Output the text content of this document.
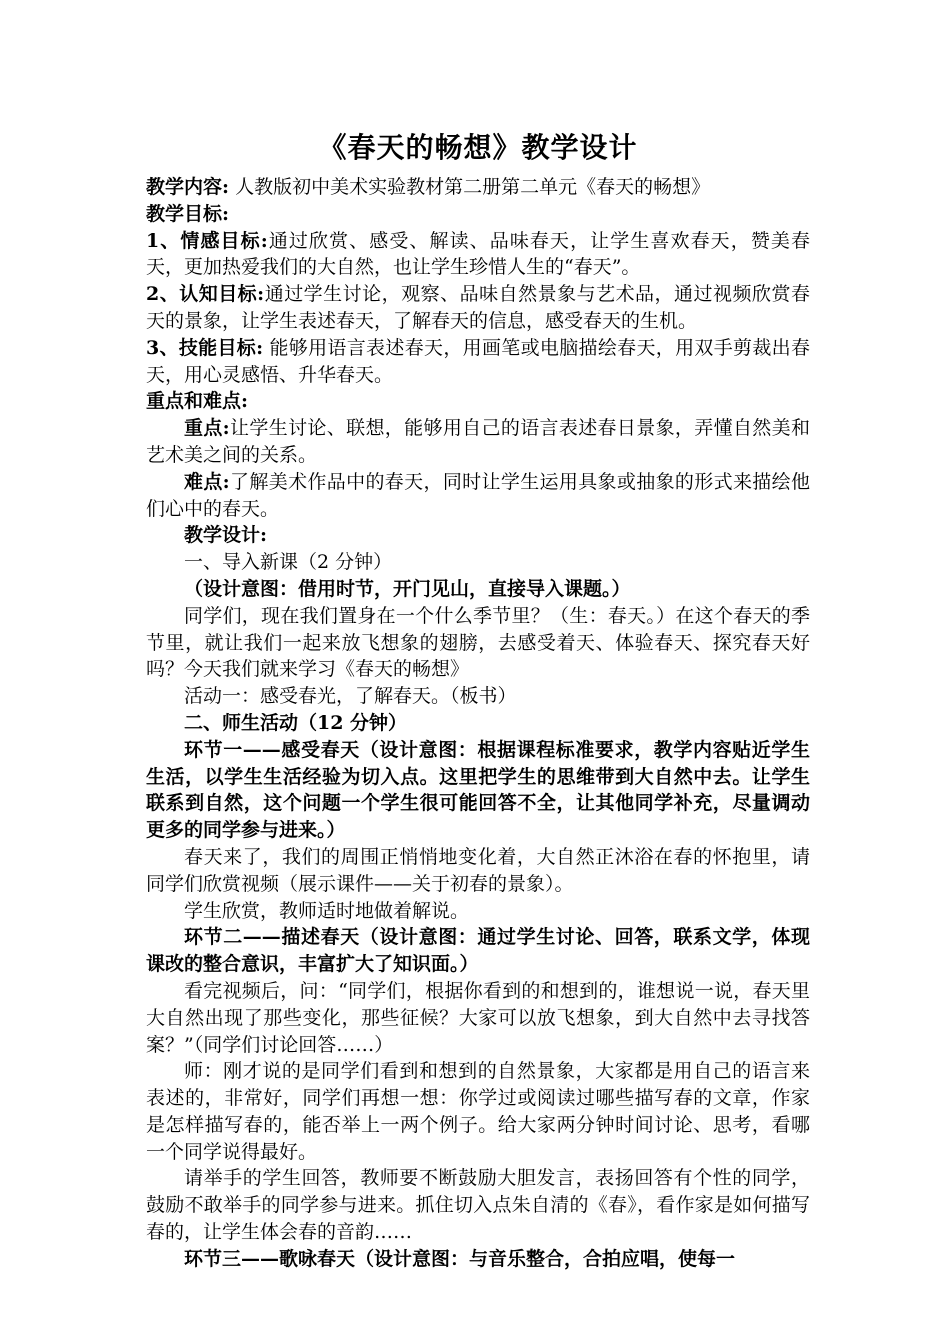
《春天的畅想》教学设计

教学内容: 人教版初中美术实验教材第二册第二单元《春天的畅想》

教学目标:

1、情感目标:通过欣赏、感受、解读、品味春天，让学生喜欢春天，赞美春天，更加热爱我们的大自然，也让学生珍惜人生的“春天”。

2、认知目标:通过学生讨论，观察、品味自然景象与艺术品，通过视频欣赏春天的景象，让学生表述春天，了解春天的信息，感受春天的生机。

3、技能目标: 能够用语言表述春天，用画笔或电脑描绘春天，用双手剪裁出春天，用心灵感悟、升华春天。

重点和难点:

重点:让学生讨论、联想，能够用自己的语言表述春日景象，弄懂自然美和艺术美之间的关系。

难点:了解美术作品中的春天，同时让学生运用具象或抽象的形式来描绘他们心中的春天。

教学设计:

一、导入新课（2 分钟）

（设计意图：借用时节，开门见山，直接导入课题。）

同学们，现在我们置身在一个什么季节里？（生：春天。）在这个春天的季节里，就让我们一起来放飞想象的翅膀，去感受着天、体验春天、探究春天好吗？今天我们就来学习《春天的畅想》

活动一：感受春光，了解春天。（板书）

二、师生活动（12 分钟）

环节一——感受春天（设计意图：根据课程标准要求，教学内容贴近学生生活，以学生生活经验为切入点。这里把学生的思维带到大自然中去。让学生联系到自然，这个问题一个学生很可能回答不全，让其他同学补充，尽量调动更多的同学参与进来。）

春天来了，我们的周围正悄悄地变化着，大自然正沐浴在春的怀抱里，请同学们欣赏视频（展示课件——关于初春的景象）。

学生欣赏，教师适时地做着解说。

环节二——描述春天（设计意图：通过学生讨论、回答，联系文学，体现课改的整合意识，丰富扩大了知识面。）

看完视频后，问：“同学们，根据你看到的和想到的，谁想说一说，春天里大自然出现了那些变化，那些征候？大家可以放飞想象，到大自然中去寻找答案？”（同学们讨论回答……）

师：刚才说的是同学们看到和想到的自然景象，大家都是用自己的语言来表述的，非常好，同学们再想一想：你学过或阅读过哪些描写春的文章，作家是怎样描写春的，能否举上一两个例子。给大家两分钟时间讨论、思考，看哪一个同学说得最好。

请举手的学生回答，教师要不断鼓励大胆发言，表扬回答有个性的同学，鼓励不敢举手的同学参与进来。抓住切入点朱自清的《春》，看作家是如何描写春的，让学生体会春的音韵……

环节三——歌咏春天（设计意图：与音乐整合，合拍应唱，使每一
